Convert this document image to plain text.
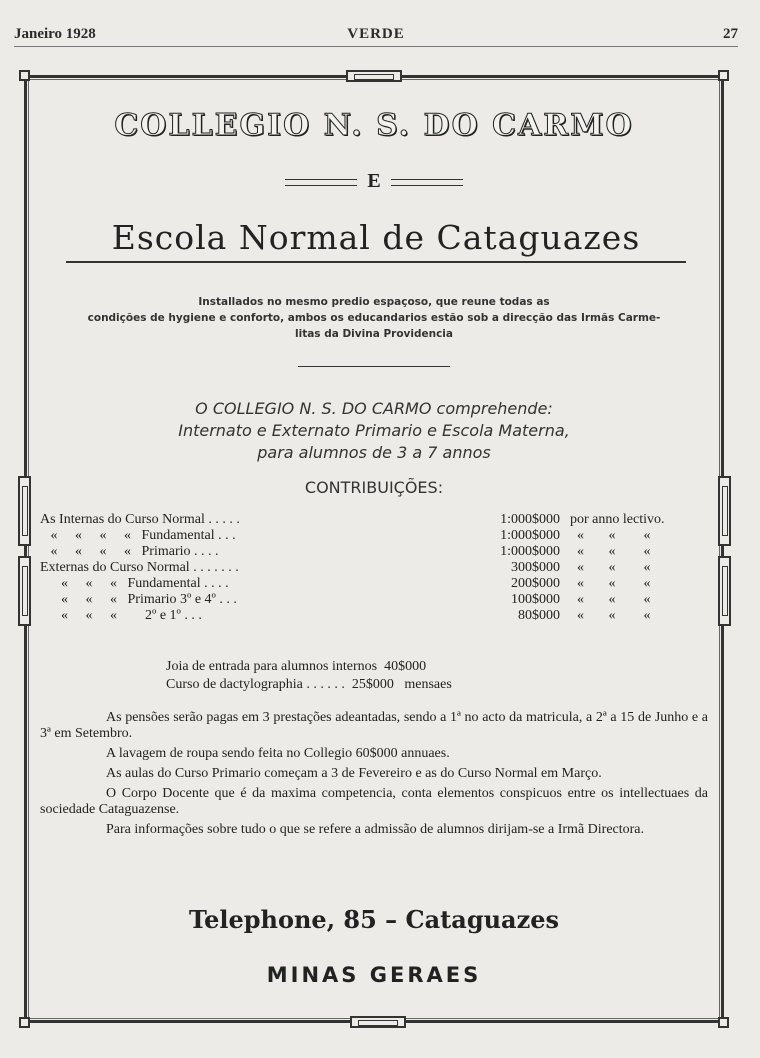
Janeiro 1928	VERDE	27
COLLEGIO N. S. DO CARMO
E
Escola Normal de Cataguazes
Installados no mesmo predio espaçoso, que reune todas as
condições de hygiene e conforto, ambos os educandarios estão sob a direcção das Irmãs Carme-
litas da Divina Providencia
O COLLEGIO N. S. DO CARMO comprehende:
Internato e Externato Primario e Escola Materna,
para alumnos de 3 a 7 annos
CONTRIBUIÇÕES:
As Internas do Curso Normal . . . . .	1:000$000 por anno lectivo.
«     «     «     «   Fundamental . . .	1:000$000 «       «        «
«     «     «     «   Primario . . . .	1:000$000 «       «        «
Externas do Curso Normal . . . . . . .	300$000 «       «        «
«     «     «   Fundamental . . . .	200$000 «       «        «
«     «     «   Primario 3º e 4º . . .	100$000 «       «        «
«     «     «        2º e 1º . . .	80$000 «       «        «
Joia de entrada para alumnos internos  40$000
Curso de dactylographia . . . . . .  25$000   mensaes

As pensões serão pagas em 3 prestações adeantadas, sendo a 1ª no acto da matricula, a 2ª a 15 de Junho e a 3ª em Setembro.

A lavagem de roupa sendo feita no Collegio 60$000 annuaes.

As aulas do Curso Primario começam a 3 de Fevereiro e as do Curso Normal em Março.

O Corpo Docente que é da maxima competencia, conta elementos conspicuos entre os intellectuaes da sociedade Cataguazense.

Para informações sobre tudo o que se refere a admissão de alumnos dirijam-se a Irmã Directora.

Telephone, 85 – Cataguazes
MINAS GERAES
